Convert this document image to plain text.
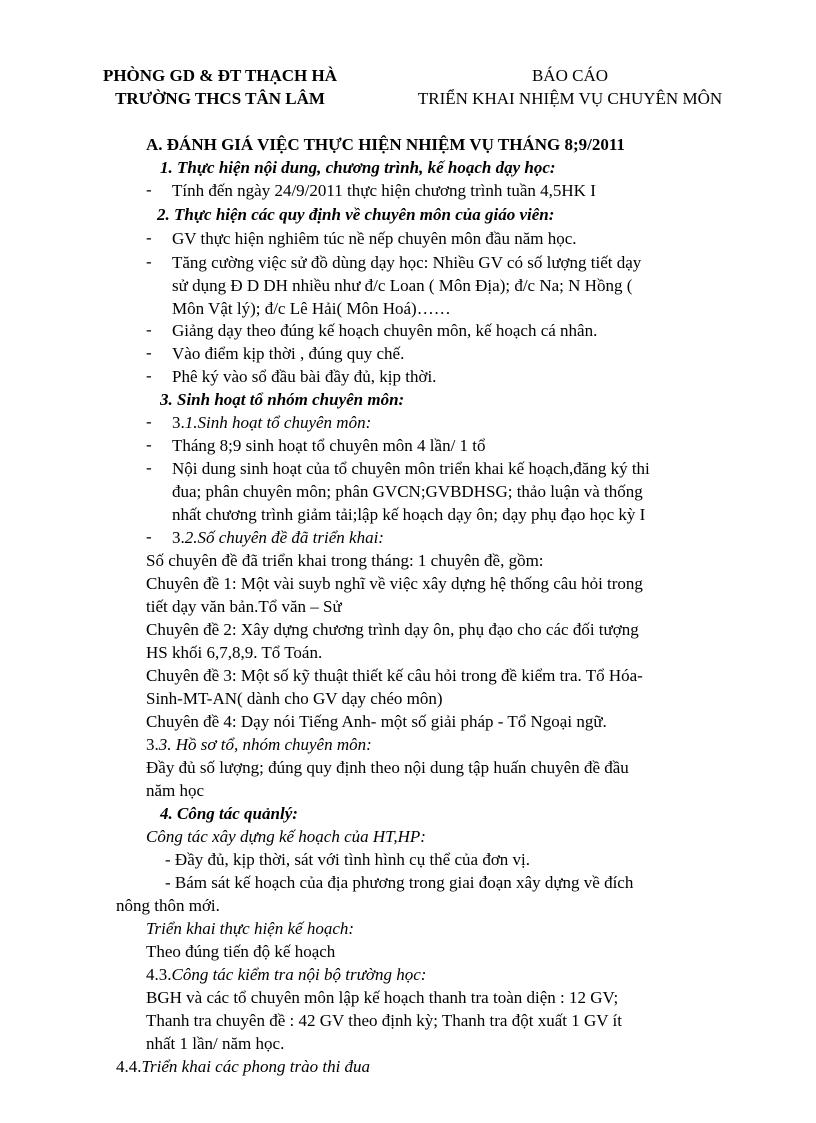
PHÒNG GD & ĐT THẠCH HÀ
TRƯỜNG THCS TÂN LÂM
BÁO CÁO
TRIỂN KHAI NHIỆM VỤ CHUYÊN MÔN
A. ĐÁNH GIÁ VIỆC THỰC HIỆN NHIỆM VỤ THÁNG 8;9/2011
1. Thực hiện nội dung, chương trình, kế hoạch dạy học:
- Tính đến ngày 24/9/2011 thực hiện chương trình tuần 4,5HK I
2. Thực hiện các quy định về chuyên môn của giáo viên:
- GV thực hiện nghiêm túc nề nếp chuyên môn đầu năm học.
- Tăng cường việc sử đồ dùng dạy học: Nhiều GV có số lượng tiết dạy
sử dụng Đ D DH nhiều như đ/c Loan ( Môn Địa); đ/c Na; N Hồng (
Môn Vật lý); đ/c Lê Hải( Môn Hoá)……
- Giảng dạy theo đúng kế hoạch chuyên môn, kế hoạch cá nhân.
- Vào điểm kịp thời , đúng quy chế.
- Phê ký vào sổ đầu bài đầy đủ, kịp thời.
3. Sinh hoạt tổ nhóm chuyên môn:
- 3.1.Sinh hoạt tổ chuyên môn:
- Tháng 8;9 sinh hoạt tổ chuyên môn 4 lần/ 1 tổ
- Nội dung sinh hoạt của tổ chuyên môn triển khai kế hoạch,đăng ký thi
đua; phân chuyên môn; phân GVCN;GVBDHSG; thảo luận và thống
nhất chương trình giảm tải;lập kế hoạch dạy ôn; dạy phụ đạo học kỳ I
- 3.2.Số chuyên đề đã triển khai:
Số chuyên đề đã triển khai trong tháng: 1 chuyên đề, gồm:
Chuyên đề 1: Một vài suyb nghĩ về việc xây dựng hệ thống câu hỏi trong
tiết dạy văn bản.Tổ văn – Sử
Chuyên đề 2: Xây dựng chương trình dạy ôn, phụ đạo cho các đối tượng
HS khối 6,7,8,9. Tổ Toán.
Chuyên đề 3: Một số kỹ thuật thiết kế câu hỏi trong đề kiểm tra. Tổ Hóa-
Sinh-MT-AN( dành cho GV dạy chéo môn)
Chuyên đề 4: Dạy nói Tiếng Anh- một số giải pháp - Tổ Ngoại ngữ.
3.3. Hồ sơ tổ, nhóm chuyên môn:
Đầy đủ số lượng; đúng quy định theo nội dung tập huấn chuyên đề đầu
năm học
4. Công tác quảnlý:
Công tác xây dựng kế hoạch của HT,HP:
- Đầy đủ, kịp thời, sát với tình hình cụ thể của đơn vị.
- Bám sát kế hoạch của địa phương trong giai đoạn xây dựng về đích
nông thôn mới.
Triển khai thực hiện kế hoạch:
Theo đúng tiến độ kế hoạch
4.3.Công tác kiểm tra nội bộ trường học:
BGH và các tổ chuyên môn lập kế hoạch thanh tra toàn diện : 12 GV;
Thanh tra chuyên đề : 42 GV theo định kỳ; Thanh tra đột xuất 1 GV ít
nhất 1 lần/ năm học.
4.4.Triển khai các phong trào thi đua
